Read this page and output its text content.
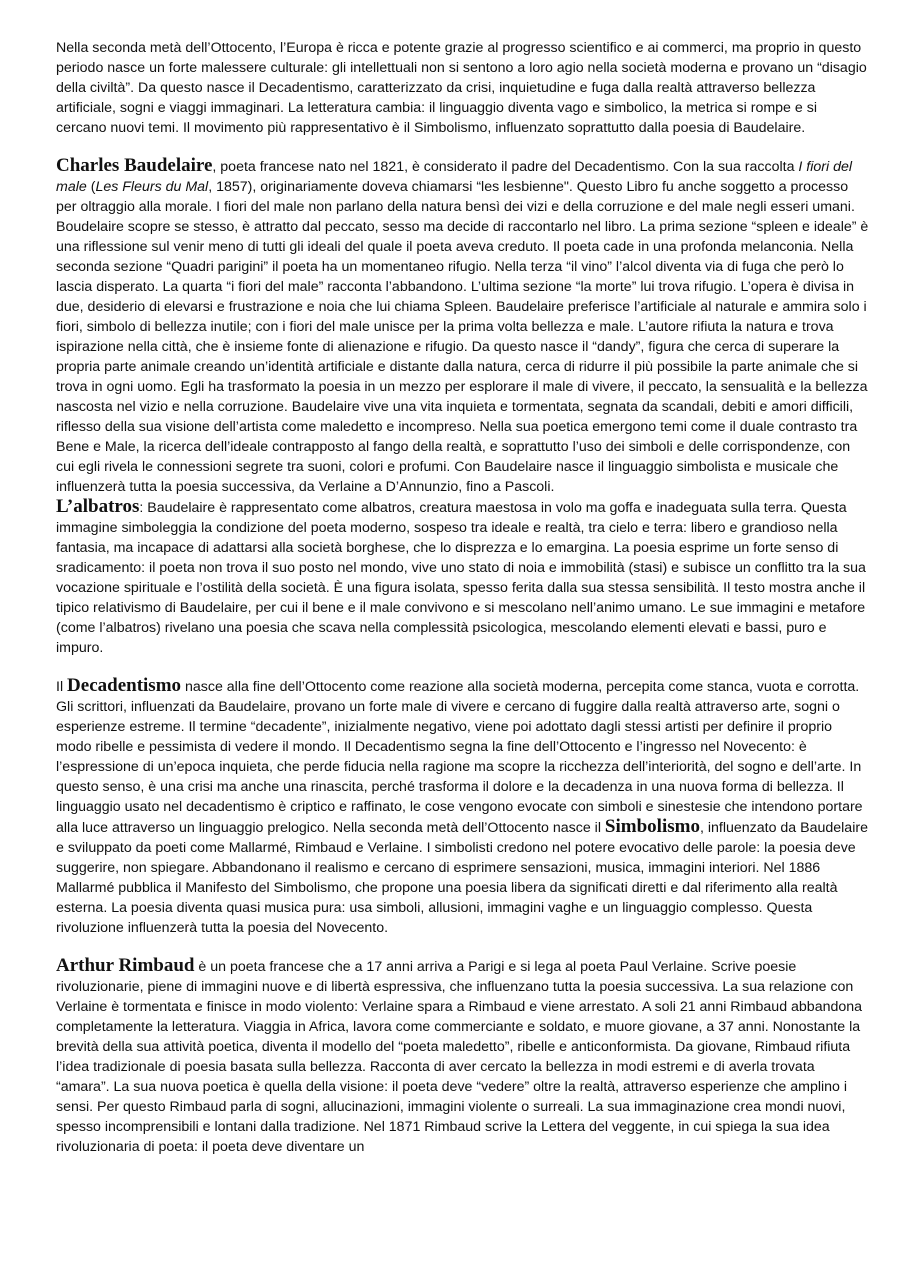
Nella seconda metà dell’Ottocento, l’Europa è ricca e potente grazie al progresso scientifico e ai commerci, ma proprio in questo periodo nasce un forte malessere culturale: gli intellettuali non si sentono a loro agio nella società moderna e provano un “disagio della civiltà”. Da questo nasce il Decadentismo, caratterizzato da crisi, inquietudine e fuga dalla realtà attraverso bellezza artificiale, sogni e viaggi immaginari. La letteratura cambia: il linguaggio diventa vago e simbolico, la metrica si rompe e si cercano nuovi temi. Il movimento più rappresentativo è il Simbolismo, influenzato soprattutto dalla poesia di Baudelaire.

Charles Baudelaire, poeta francese nato nel 1821, è considerato il padre del Decadentismo. Con la sua raccolta I fiori del male (Les Fleurs du Mal, 1857), originariamente doveva chiamarsi “les lesbienne". Questo Libro fu anche soggetto a processo per oltraggio alla morale. I fiori del male non parlano della natura bensì dei vizi e della corruzione e del male negli esseri umani. Boudelaire scopre se stesso, è attratto dal peccato, sesso ma decide di raccontarlo nel libro. La prima sezione “spleen e ideale” è una riflessione sul venir meno di tutti gli ideali del quale il poeta aveva creduto. Il poeta cade in una profonda melanconia. Nella seconda sezione “Quadri parigini” il poeta ha un momentaneo rifugio. Nella terza “il vino” l’alcol diventa via di fuga che però lo lascia disperato. La quarta “i fiori del male” racconta l’abbandono. L’ultima sezione “la morte” lui trova rifugio. L’opera è divisa in due, desiderio di elevarsi e frustrazione e noia che lui chiama Spleen. Baudelaire preferisce l’artificiale al naturale e ammira solo i fiori, simbolo di bellezza inutile; con i fiori del male unisce per la prima volta bellezza e male. L’autore rifiuta la natura e trova ispirazione nella città, che è insieme fonte di alienazione e rifugio. Da questo nasce il “dandy”, figura che cerca di superare la propria parte animale creando un’identità artificiale e distante dalla natura, cerca di ridurre il più possibile la parte animale che si trova in ogni uomo. Egli ha trasformato la poesia in un mezzo per esplorare il male di vivere, il peccato, la sensualità e la bellezza nascosta nel vizio e nella corruzione. Baudelaire vive una vita inquieta e tormentata, segnata da scandali, debiti e amori difficili, riflesso della sua visione dell’artista come maledetto e incompreso. Nella sua poetica emergono temi come il duale contrasto tra Bene e Male, la ricerca dell’ideale contrapposto al fango della realtà, e soprattutto l’uso dei simboli e delle corrispondenze, con cui egli rivela le connessioni segrete tra suoni, colori e profumi. Con Baudelaire nasce il linguaggio simbolista e musicale che influenzerà tutta la poesia successiva, da Verlaine a D’Annunzio, fino a Pascoli.

L’albatros: Baudelaire è rappresentato come albatros, creatura maestosa in volo ma goffa e inadeguata sulla terra. Questa immagine simboleggia la condizione del poeta moderno, sospeso tra ideale e realtà, tra cielo e terra: libero e grandioso nella fantasia, ma incapace di adattarsi alla società borghese, che lo disprezza e lo emargina. La poesia esprime un forte senso di sradicamento: il poeta non trova il suo posto nel mondo, vive uno stato di noia e immobilità (stasi) e subisce un conflitto tra la sua vocazione spirituale e l’ostilità della società. È una figura isolata, spesso ferita dalla sua stessa sensibilità. Il testo mostra anche il tipico relativismo di Baudelaire, per cui il bene e il male convivono e si mescolano nell’animo umano. Le sue immagini e metafore (come l’albatros) rivelano una poesia che scava nella complessità psicologica, mescolando elementi elevati e bassi, puro e impuro.

Il Decadentismo nasce alla fine dell’Ottocento come reazione alla società moderna, percepita come stanca, vuota e corrotta. Gli scrittori, influenzati da Baudelaire, provano un forte male di vivere e cercano di fuggire dalla realtà attraverso arte, sogni o esperienze estreme. Il termine “decadente”, inizialmente negativo, viene poi adottato dagli stessi artisti per definire il proprio modo ribelle e pessimista di vedere il mondo. Il Decadentismo segna la fine dell’Ottocento e l’ingresso nel Novecento: è l’espressione di un’epoca inquieta, che perde fiducia nella ragione ma scopre la ricchezza dell’interiorità, del sogno e dell’arte. In questo senso, è una crisi ma anche una rinascita, perché trasforma il dolore e la decadenza in una nuova forma di bellezza. Il linguaggio usato nel decadentismo è criptico e raffinato, le cose vengono evocate con simboli e sinestesie che intendono portare alla luce attraverso un linguaggio prelogico. Nella seconda metà dell’Ottocento nasce il Simbolismo, influenzato da Baudelaire e sviluppato da poeti come Mallarmé, Rimbaud e Verlaine. I simbolisti credono nel potere evocativo delle parole: la poesia deve suggerire, non spiegare. Abbandonano il realismo e cercano di esprimere sensazioni, musica, immagini interiori. Nel 1886 Mallarmé pubblica il Manifesto del Simbolismo, che propone una poesia libera da significati diretti e dal riferimento alla realtà esterna. La poesia diventa quasi musica pura: usa simboli, allusioni, immagini vaghe e un linguaggio complesso. Questa rivoluzione influenzerà tutta la poesia del Novecento.

Arthur Rimbaud è un poeta francese che a 17 anni arriva a Parigi e si lega al poeta Paul Verlaine. Scrive poesie rivoluzionarie, piene di immagini nuove e di libertà espressiva, che influenzano tutta la poesia successiva. La sua relazione con Verlaine è tormentata e finisce in modo violento: Verlaine spara a Rimbaud e viene arrestato. A soli 21 anni Rimbaud abbandona completamente la letteratura. Viaggia in Africa, lavora come commerciante e soldato, e muore giovane, a 37 anni. Nonostante la brevità della sua attività poetica, diventa il modello del “poeta maledetto”, ribelle e anticonformista. Da giovane, Rimbaud rifiuta l’idea tradizionale di poesia basata sulla bellezza. Racconta di aver cercato la bellezza in modi estremi e di averla trovata “amara”. La sua nuova poetica è quella della visione: il poeta deve “vedere” oltre la realtà, attraverso esperienze che amplino i sensi. Per questo Rimbaud parla di sogni, allucinazioni, immagini violente o surreali. La sua immaginazione crea mondi nuovi, spesso incomprensibili e lontani dalla tradizione. Nel 1871 Rimbaud scrive la Lettera del veggente, in cui spiega la sua idea rivoluzionaria di poeta: il poeta deve diventare un
